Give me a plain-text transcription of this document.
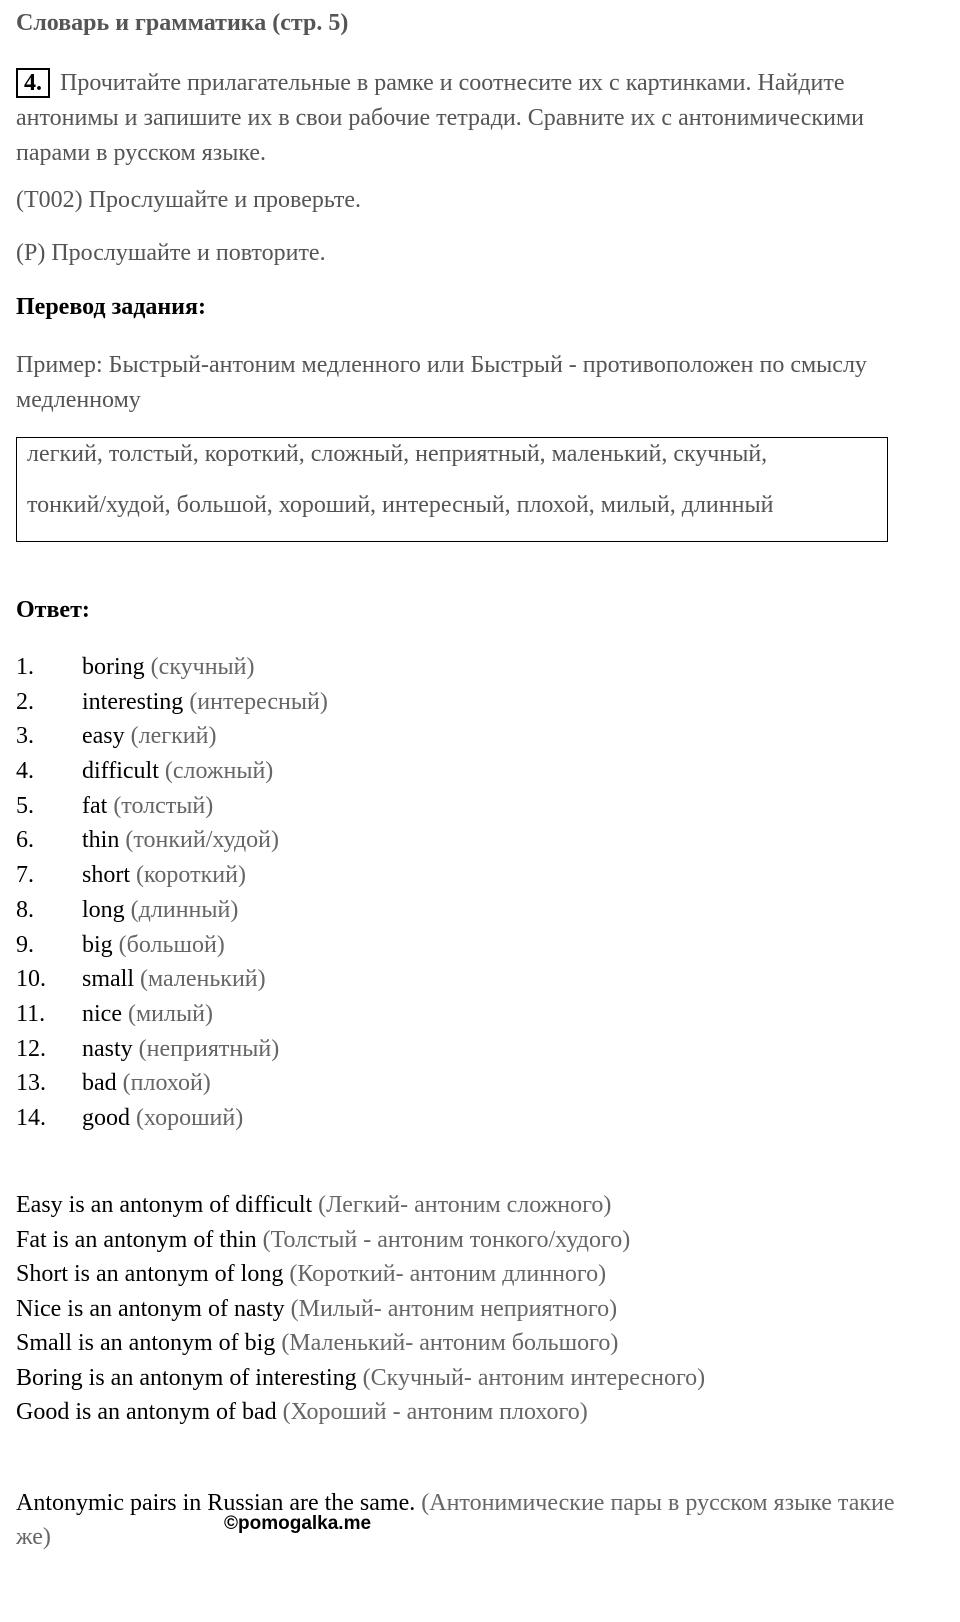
Словарь и грамматика (стр. 5)
4. Прочитайте прилагательные в рамке и соотнесите их с картинками. Найдите антонимы и запишите их в свои рабочие тетради. Сравните их с антонимическими парами в русском языке.
(T002) Прослушайте и проверьте.
(P) Прослушайте и повторите.
Перевод задания:
Пример: Быстрый-антоним медленного или Быстрый - противоположен по смыслу медленному
легкий, толстый, короткий, сложный, неприятный, маленький, скучный,
тонкий/худой, большой, хороший, интересный, плохой, милый, длинный
Ответ:
1. boring (скучный)
2. interesting (интересный)
3. easy (легкий)
4. difficult (сложный)
5. fat (толстый)
6. thin (тонкий/худой)
7. short (короткий)
8. long (длинный)
9. big (большой)
10. small (маленький)
11. nice (милый)
12. nasty (неприятный)
13. bad (плохой)
14. good (хороший)
Easy is an antonym of difficult (Легкий- антоним сложного)
Fat is an antonym of thin (Толстый - антоним тонкого/худого)
Short is an antonym of long (Короткий- антоним длинного)
Nice is an antonym of nasty (Милый- антоним неприятного)
Small is an antonym of big (Маленький- антоним большого)
Boring is an antonym of interesting (Скучный- антоним интересного)
Good is an antonym of bad (Хороший - антоним плохого)
Antonymic pairs in Russian are the same. (Антонимические пары в русском языке такие же)
©pomogalka.me
